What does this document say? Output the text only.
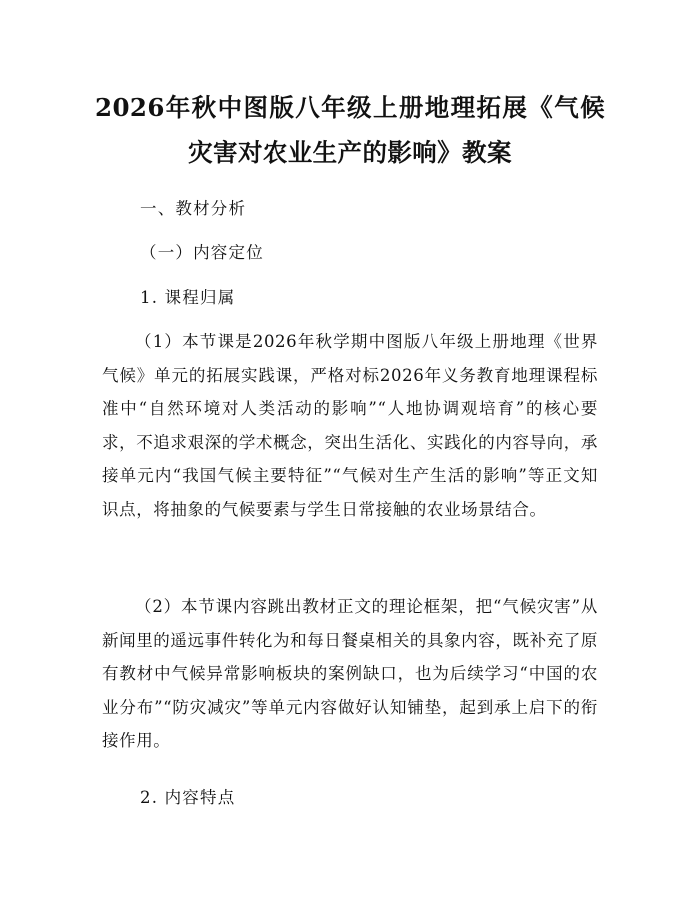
2026年秋中图版八年级上册地理拓展《气候灾害对农业生产的影响》教案

一、教材分析

（一）内容定位

1. 课程归属

（1）本节课是2026年秋学期中图版八年级上册地理《世界气候》单元的拓展实践课，严格对标2026年义务教育地理课程标准中“自然环境对人类活动的影响”“人地协调观培育”的核心要求，不追求艰深的学术概念，突出生活化、实践化的内容导向，承接单元内“我国气候主要特征”“气候对生产生活的影响”等正文知识点，将抽象的气候要素与学生日常接触的农业场景结合。

（2）本节课内容跳出教材正文的理论框架，把“气候灾害”从新闻里的遥远事件转化为和每日餐桌相关的具象内容，既补充了原有教材中气候异常影响板块的案例缺口，也为后续学习“中国的农业分布”“防灾减灾”等单元内容做好认知铺垫，起到承上启下的衔接作用。

2. 内容特点
